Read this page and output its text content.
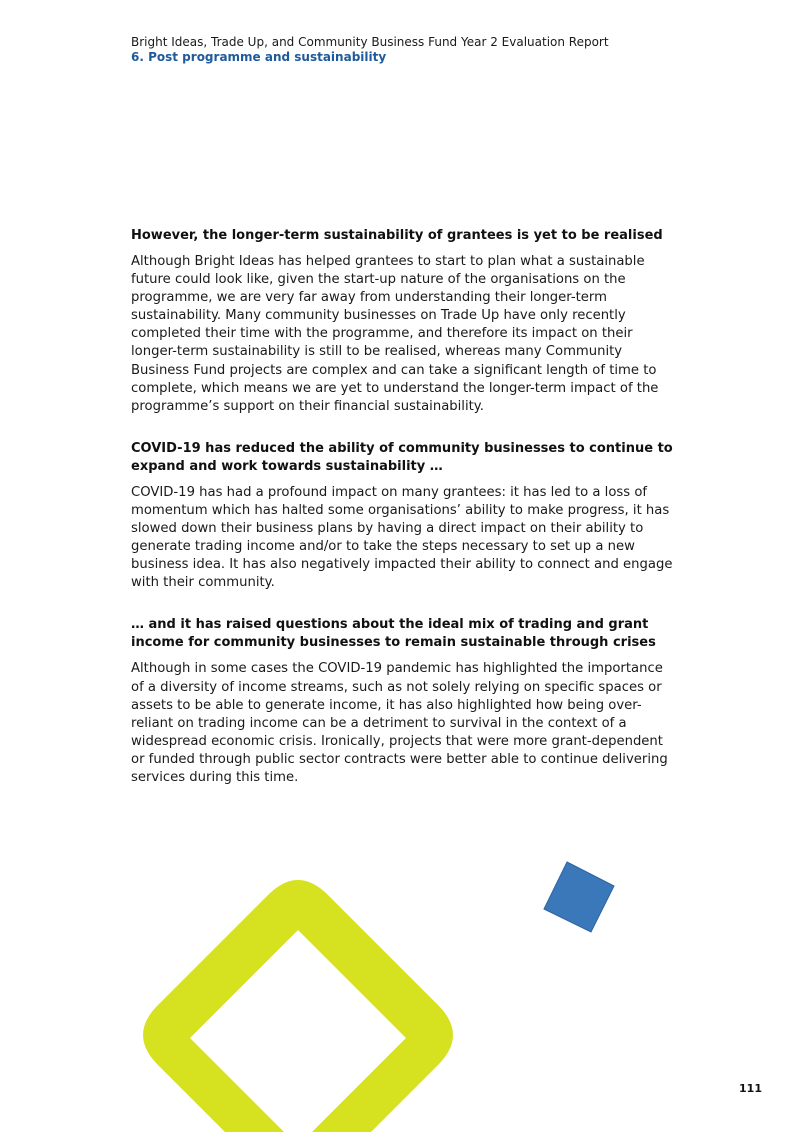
Bright Ideas, Trade Up, and Community Business Fund Year 2 Evaluation Report
6. Post programme and sustainability
However, the longer-term sustainability of grantees is yet to be realised

Although Bright Ideas has helped grantees to start to plan what a sustainable future could look like, given the start-up nature of the organisations on the programme, we are very far away from understanding their longer-term sustainability. Many community businesses on Trade Up have only recently completed their time with the programme, and therefore its impact on their longer-term sustainability is still to be realised, whereas many Community Business Fund projects are complex and can take a significant length of time to complete, which means we are yet to understand the longer-term impact of the programme’s support on their financial sustainability.

COVID-19 has reduced the ability of community businesses to continue to expand and work towards sustainability …

COVID-19 has had a profound impact on many grantees: it has led to a loss of momentum which has halted some organisations’ ability to make progress, it has slowed down their business plans by having a direct impact on their ability to generate trading income and/or to take the steps necessary to set up a new business idea. It has also negatively impacted their ability to connect and engage with their community.

… and it has raised questions about the ideal mix of trading and grant income for community businesses to remain sustainable through crises

Although in some cases the COVID-19 pandemic has highlighted the importance of a diversity of income streams, such as not solely relying on specific spaces or assets to be able to generate income, it has also highlighted how being over-reliant on trading income can be a detriment to survival in the context of a widespread economic crisis. Ironically, projects that were more grant-dependent or funded through public sector contracts were better able to continue delivering services during this time.

111
